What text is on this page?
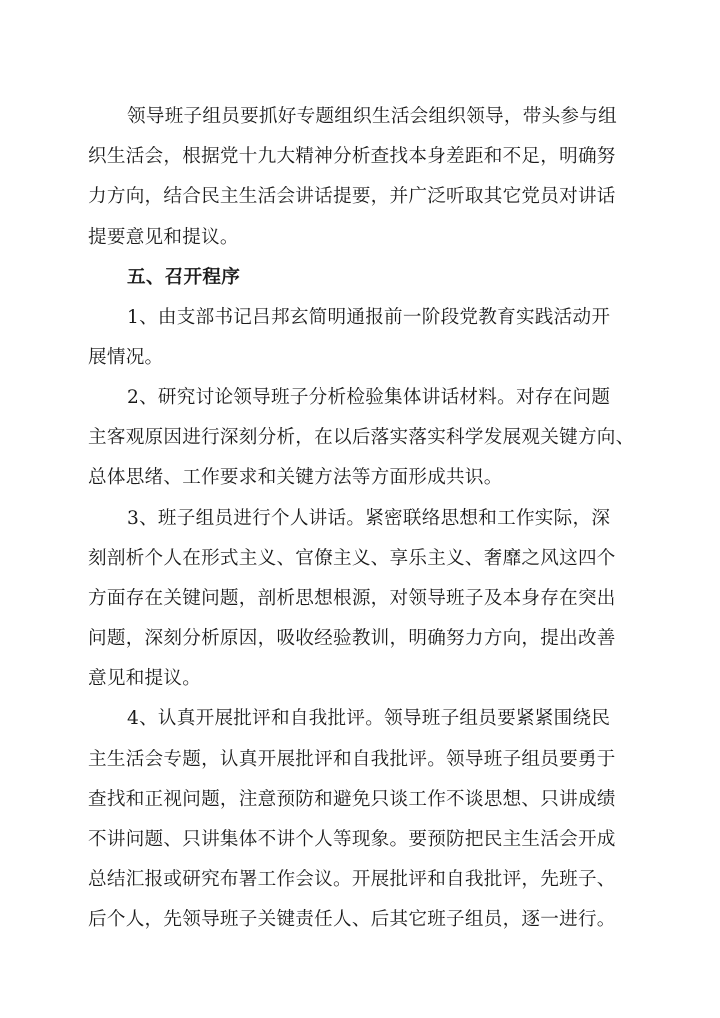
领导班子组员要抓好专题组织生活会组织领导，带头参与组
织生活会，根据党十九大精神分析查找本身差距和不足，明确努
力方向，结合民主生活会讲话提要，并广泛听取其它党员对讲话
提要意见和提议。
五、召开程序
1、由支部书记吕邦玄简明通报前一阶段党教育实践活动开
展情况。
2、研究讨论领导班子分析检验集体讲话材料。对存在问题
主客观原因进行深刻分析，在以后落实落实科学发展观关键方向、
总体思绪、工作要求和关键方法等方面形成共识。
3、班子组员进行个人讲话。紧密联络思想和工作实际，深
刻剖析个人在形式主义、官僚主义、享乐主义、奢靡之风这四个
方面存在关键问题，剖析思想根源，对领导班子及本身存在突出
问题，深刻分析原因，吸收经验教训，明确努力方向，提出改善
意见和提议。
4、认真开展批评和自我批评。领导班子组员要紧紧围绕民
主生活会专题，认真开展批评和自我批评。领导班子组员要勇于
查找和正视问题，注意预防和避免只谈工作不谈思想、只讲成绩
不讲问题、只讲集体不讲个人等现象。要预防把民主生活会开成
总结汇报或研究布署工作会议。开展批评和自我批评，先班子、
后个人，先领导班子关键责任人、后其它班子组员，逐一进行。
